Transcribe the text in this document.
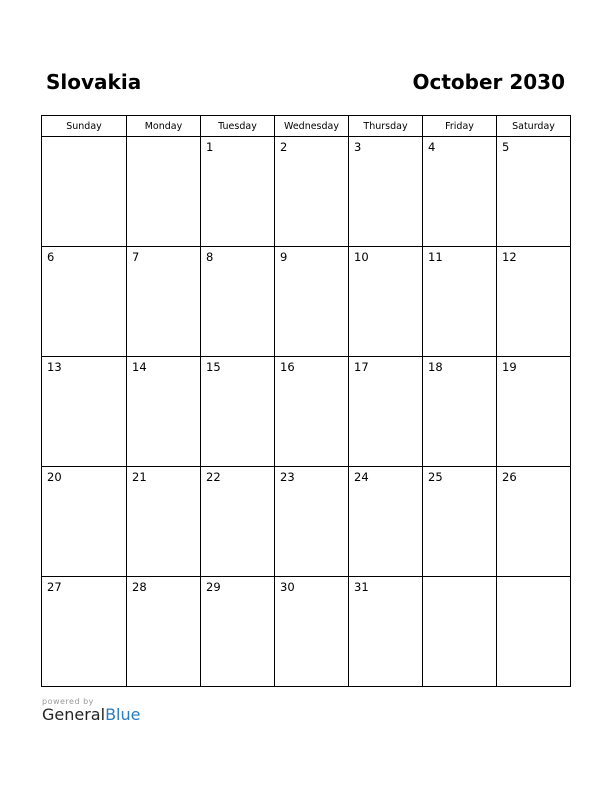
Slovakia	October 2030
Sunday	Monday	Tuesday	Wednesday	Thursday	Friday	Saturday

		1	2	3	4	5

6	7	8	9	10	11	12

13	14	15	16	17	18	19

20	21	22	23	24	25	26

27	28	29	30	31		

powered by
GeneralBlue
